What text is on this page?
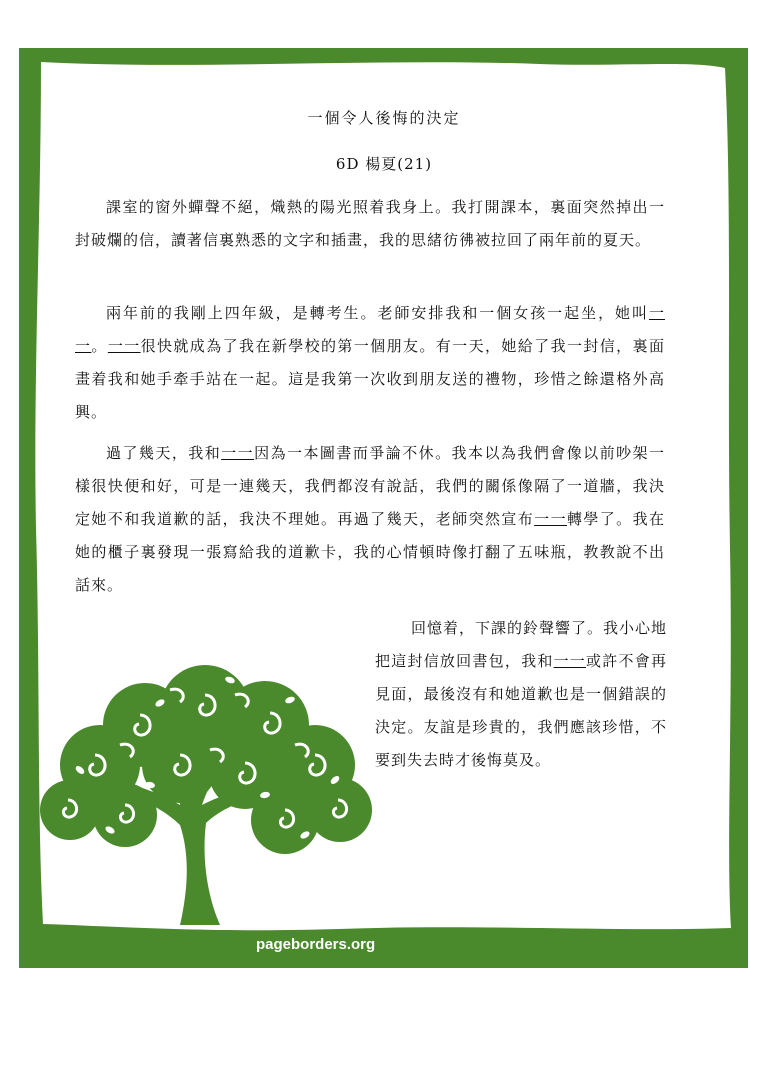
一個令人後悔的決定
6D 楊夏(21)
課室的窗外蟬聲不絕，熾熱的陽光照着我身上。我打開課本，裏面突然掉出一封破爛的信，讀著信裏熟悉的文字和插畫，我的思緒彷彿被拉回了兩年前的夏天。
兩年前的我剛上四年級，是轉考生。老師安排我和一個女孩一起坐，她叫一一。一一很快就成為了我在新學校的第一個朋友。有一天，她給了我一封信，裏面畫着我和她手牽手站在一起。這是我第一次收到朋友送的禮物，珍惜之餘還格外高興。
過了幾天，我和一一因為一本圖書而爭論不休。我本以為我們會像以前吵架一樣很快便和好，可是一連幾天，我們都沒有說話，我們的關係像隔了一道牆，我決定她不和我道歉的話，我決不理她。再過了幾天，老師突然宣布一一轉學了。我在她的櫃子裏發現一張寫給我的道歉卡，我的心情頓時像打翻了五味瓶，教教說不出話來。
回憶着，下課的鈴聲響了。我小心地把這封信放回書包，我和一一或許不會再見面，最後沒有和她道歉也是一個錯誤的決定。友誼是珍貴的，我們應該珍惜，不要到失去時才後悔莫及。
pageborders.org
